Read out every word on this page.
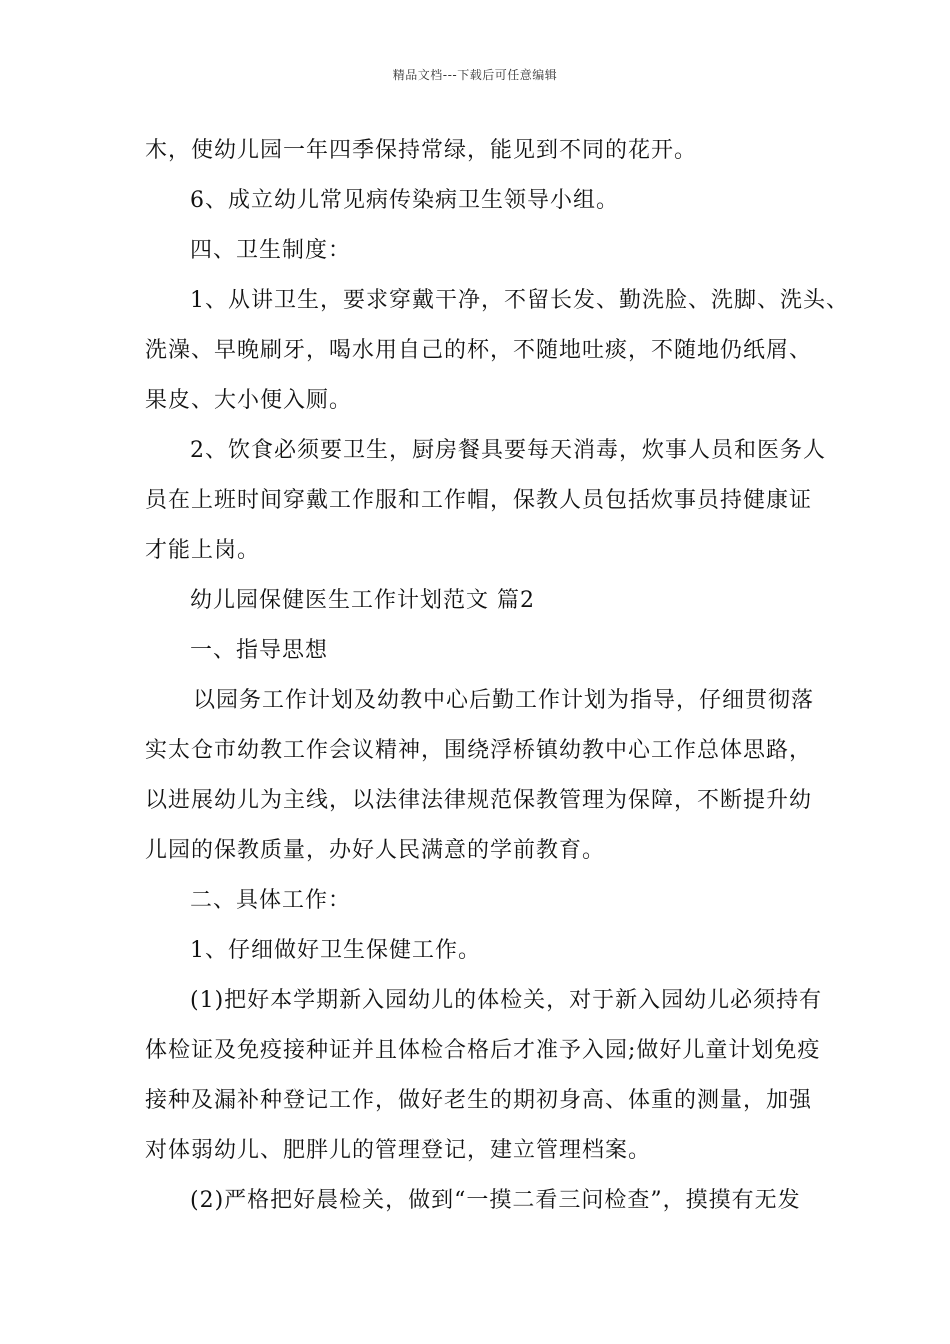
精品文档---下载后可任意编辑
木，使幼儿园一年四季保持常绿，能见到不同的花开。
6、成立幼儿常见病传染病卫生领导小组。
四、卫生制度：
1、从讲卫生，要求穿戴干净，不留长发、勤洗脸、洗脚、洗头、
洗澡、早晚刷牙，喝水用自己的杯，不随地吐痰，不随地仍纸屑、
果皮、大小便入厕。
2、饮食必须要卫生，厨房餐具要每天消毒，炊事人员和医务人
员在上班时间穿戴工作服和工作帽，保教人员包括炊事员持健康证
才能上岗。
幼儿园保健医生工作计划范文 篇2
一、指导思想
以园务工作计划及幼教中心后勤工作计划为指导，仔细贯彻落
实太仓市幼教工作会议精神，围绕浮桥镇幼教中心工作总体思路，
以进展幼儿为主线，以法律法律规范保教管理为保障，不断提升幼
儿园的保教质量，办好人民满意的学前教育。
二、具体工作：
1、仔细做好卫生保健工作。
(1)把好本学期新入园幼儿的体检关，对于新入园幼儿必须持有
体检证及免疫接种证并且体检合格后才准予入园;做好儿童计划免疫
接种及漏补种登记工作，做好老生的期初身高、体重的测量，加强
对体弱幼儿、肥胖儿的管理登记，建立管理档案。
(2)严格把好晨检关，做到“一摸二看三问检查”，摸摸有无发
